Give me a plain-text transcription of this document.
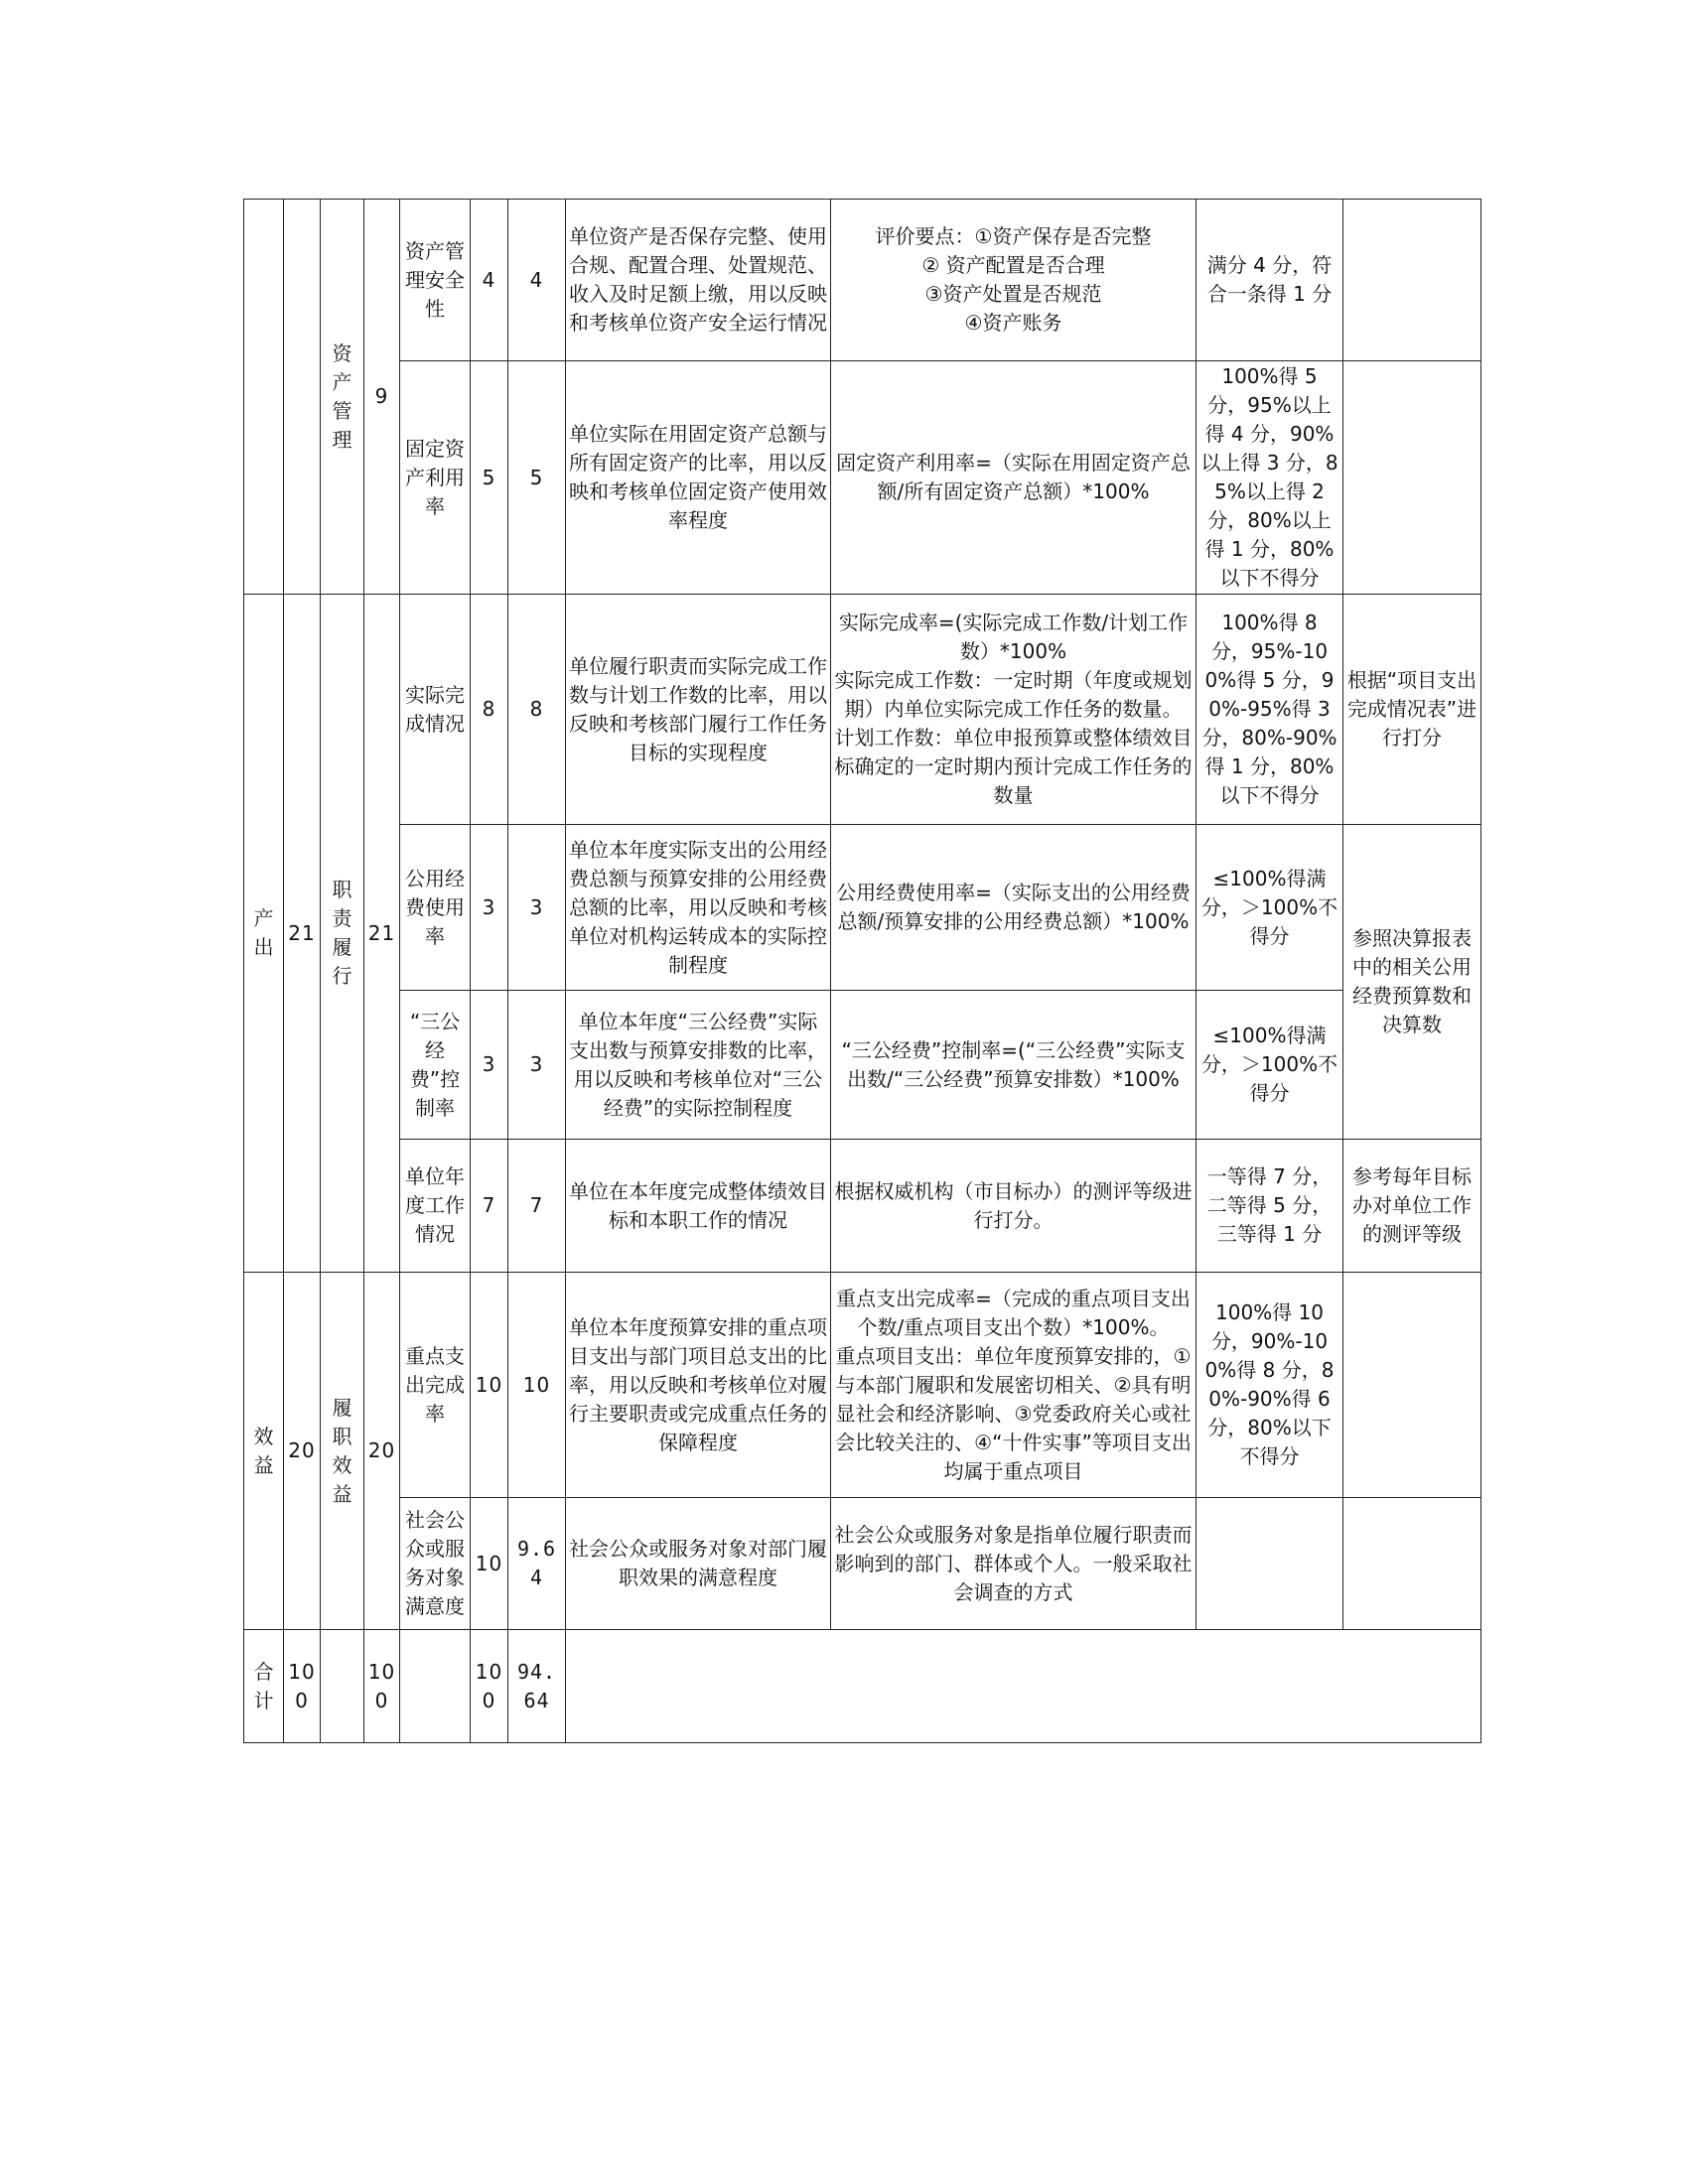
		资产管理	9	资产管理安全性	4	4	单位资产是否保存完整、使用合规、配置合理、处置规范、收入及时足额上缴，用以反映和考核单位资产安全运行情况	评价要点：①资产保存是否完整
② 资产配置是否合理
③资产处置是否规范
④资产账务	满分 4 分，符合一条得 1 分	
				固定资产利用率	5	5	单位实际在用固定资产总额与所有固定资产的比率，用以反映和考核单位固定资产使用效率程度	固定资产利用率=（实际在用固定资产总额/所有固定资产总额）*100%	100%得 5 分，95%以上得 4 分，90%以上得 3 分，85%以上得 2 分，80%以上得 1 分，80%以下不得分	
产出	21	职责履行	21	实际完成情况	8	8	单位履行职责而实际完成工作数与计划工作数的比率，用以反映和考核部门履行工作任务目标的实现程度	实际完成率=(实际完成工作数/计划工作数）*100%
实际完成工作数：一定时期（年度或规划期）内单位实际完成工作任务的数量。
计划工作数：单位申报预算或整体绩效目标确定的一定时期内预计完成工作任务的数量	100%得 8 分，95%-100%得 5 分，90%-95%得 3 分，80%-90%得 1 分，80%以下不得分	根据“项目支出完成情况表”进行打分
				公用经费使用率	3	3	单位本年度实际支出的公用经费总额与预算安排的公用经费总额的比率，用以反映和考核单位对机构运转成本的实际控制程度	公用经费使用率=（实际支出的公用经费总额/预算安排的公用经费总额）*100%	≤100%得满分，＞100%不得分	参照决算报表中的相关公用经费预算数和决算数
				“三公经费”控制率	3	3	单位本年度“三公经费”实际支出数与预算安排数的比率，用以反映和考核单位对“三公经费”的实际控制程度	“三公经费”控制率=(“三公经费”实际支出数/“三公经费”预算安排数）*100%	≤100%得满分，＞100%不得分	
				单位年度工作情况	7	7	单位在本年度完成整体绩效目标和本职工作的情况	根据权威机构（市目标办）的测评等级进行打分。	一等得 7 分，二等得 5 分，三等得 1 分	参考每年目标办对单位工作的测评等级
效益	20	履职效益	20	重点支出完成率	10	10	单位本年度预算安排的重点项目支出与部门项目总支出的比率，用以反映和考核单位对履行主要职责或完成重点任务的保障程度	重点支出完成率=（完成的重点项目支出个数/重点项目支出个数）*100%。
重点项目支出：单位年度预算安排的，①与本部门履职和发展密切相关、②具有明显社会和经济影响、③党委政府关心或社会比较关注的、④“十件实事”等项目支出均属于重点项目	100%得 10 分，90%-100%得 8 分，80%-90%得 6 分，80%以下不得分	
				社会公众或服务对象满意度	10	9.64	社会公众或服务对象对部门履职效果的满意程度	社会公众或服务对象是指单位履行职责而影响到的部门、群体或个人。一般采取社会调查的方式		
合计	100		100		100	94.64				
